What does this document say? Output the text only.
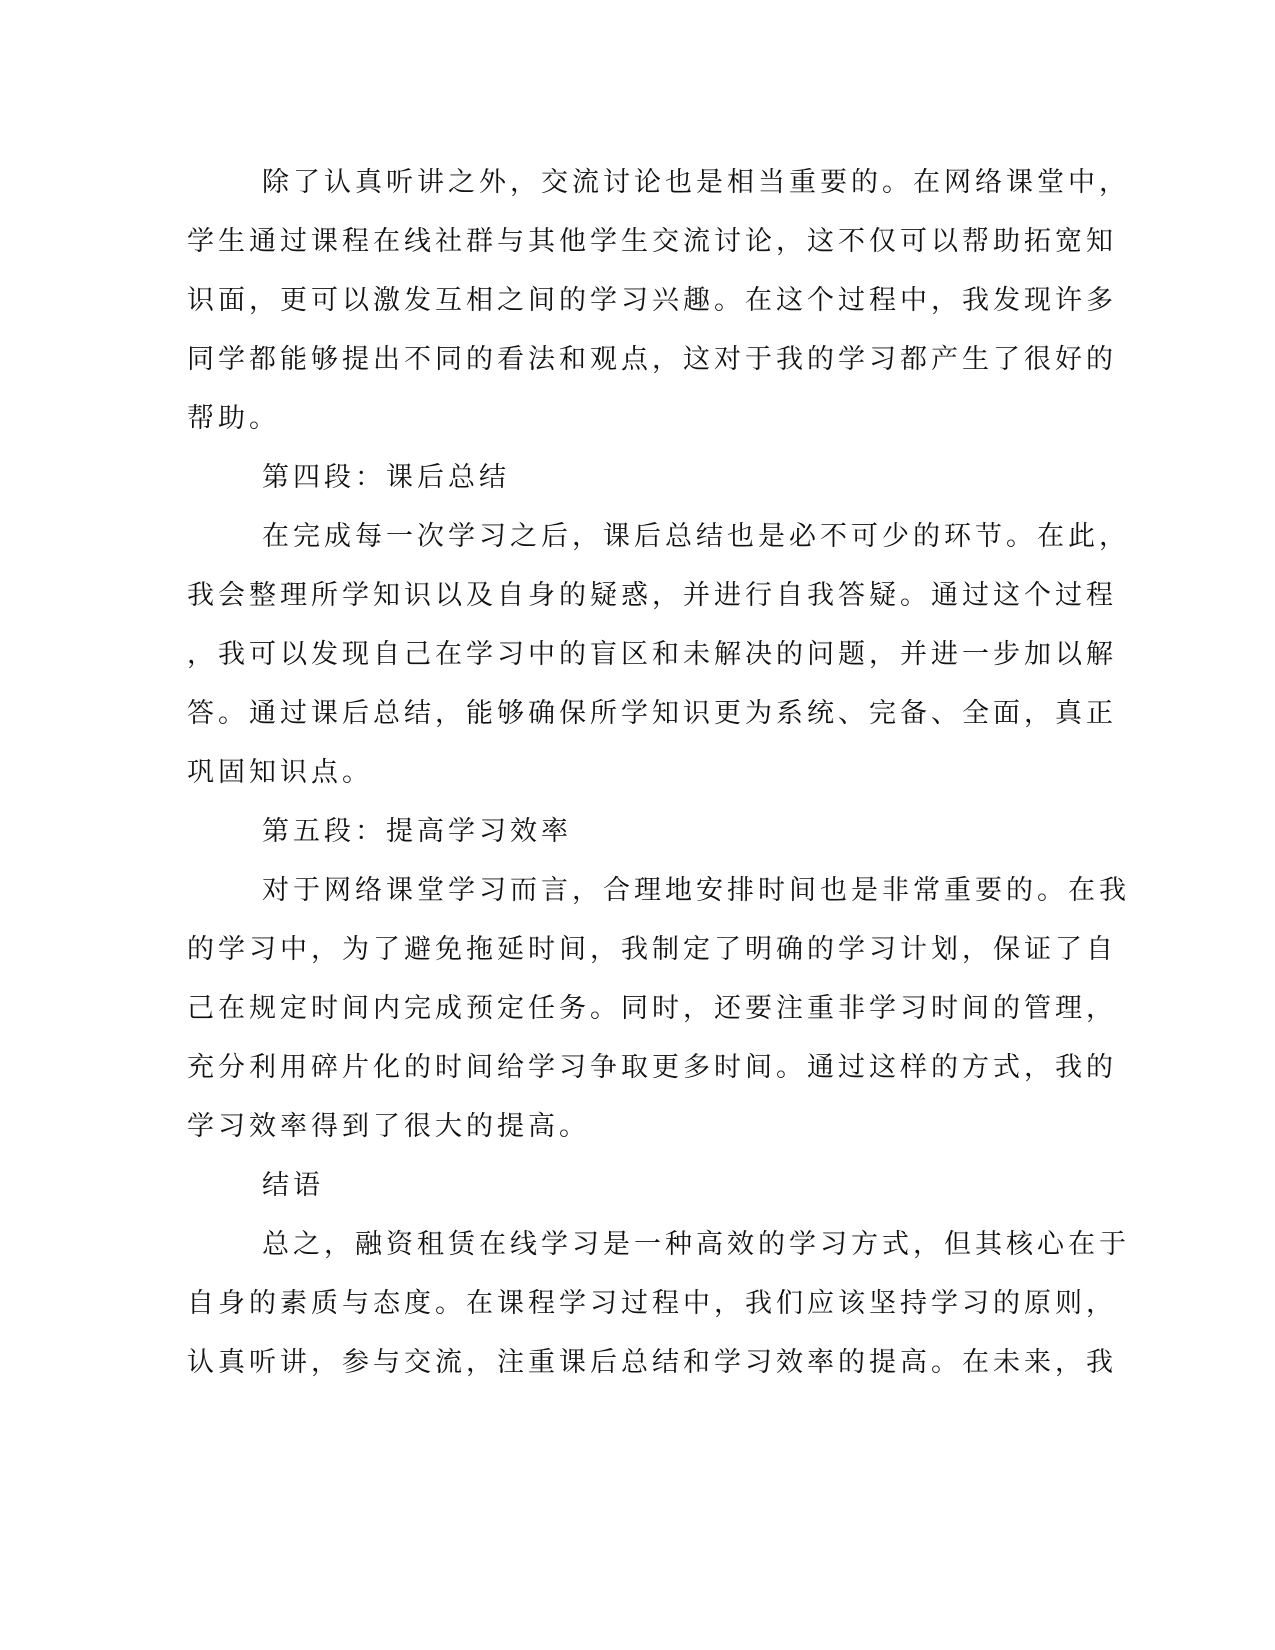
除了认真听讲之外，交流讨论也是相当重要的。在网络课堂中，
学生通过课程在线社群与其他学生交流讨论，这不仅可以帮助拓宽知
识面，更可以激发互相之间的学习兴趣。在这个过程中，我发现许多
同学都能够提出不同的看法和观点，这对于我的学习都产生了很好的
帮助。
第四段：课后总结
在完成每一次学习之后，课后总结也是必不可少的环节。在此，
我会整理所学知识以及自身的疑惑，并进行自我答疑。通过这个过程
，我可以发现自己在学习中的盲区和未解决的问题，并进一步加以解
答。通过课后总结，能够确保所学知识更为系统、完备、全面，真正
巩固知识点。
第五段：提高学习效率
对于网络课堂学习而言，合理地安排时间也是非常重要的。在我
的学习中，为了避免拖延时间，我制定了明确的学习计划，保证了自
己在规定时间内完成预定任务。同时，还要注重非学习时间的管理，
充分利用碎片化的时间给学习争取更多时间。通过这样的方式，我的
学习效率得到了很大的提高。
结语
总之，融资租赁在线学习是一种高效的学习方式，但其核心在于
自身的素质与态度。在课程学习过程中，我们应该坚持学习的原则，
认真听讲，参与交流，注重课后总结和学习效率的提高。在未来，我
